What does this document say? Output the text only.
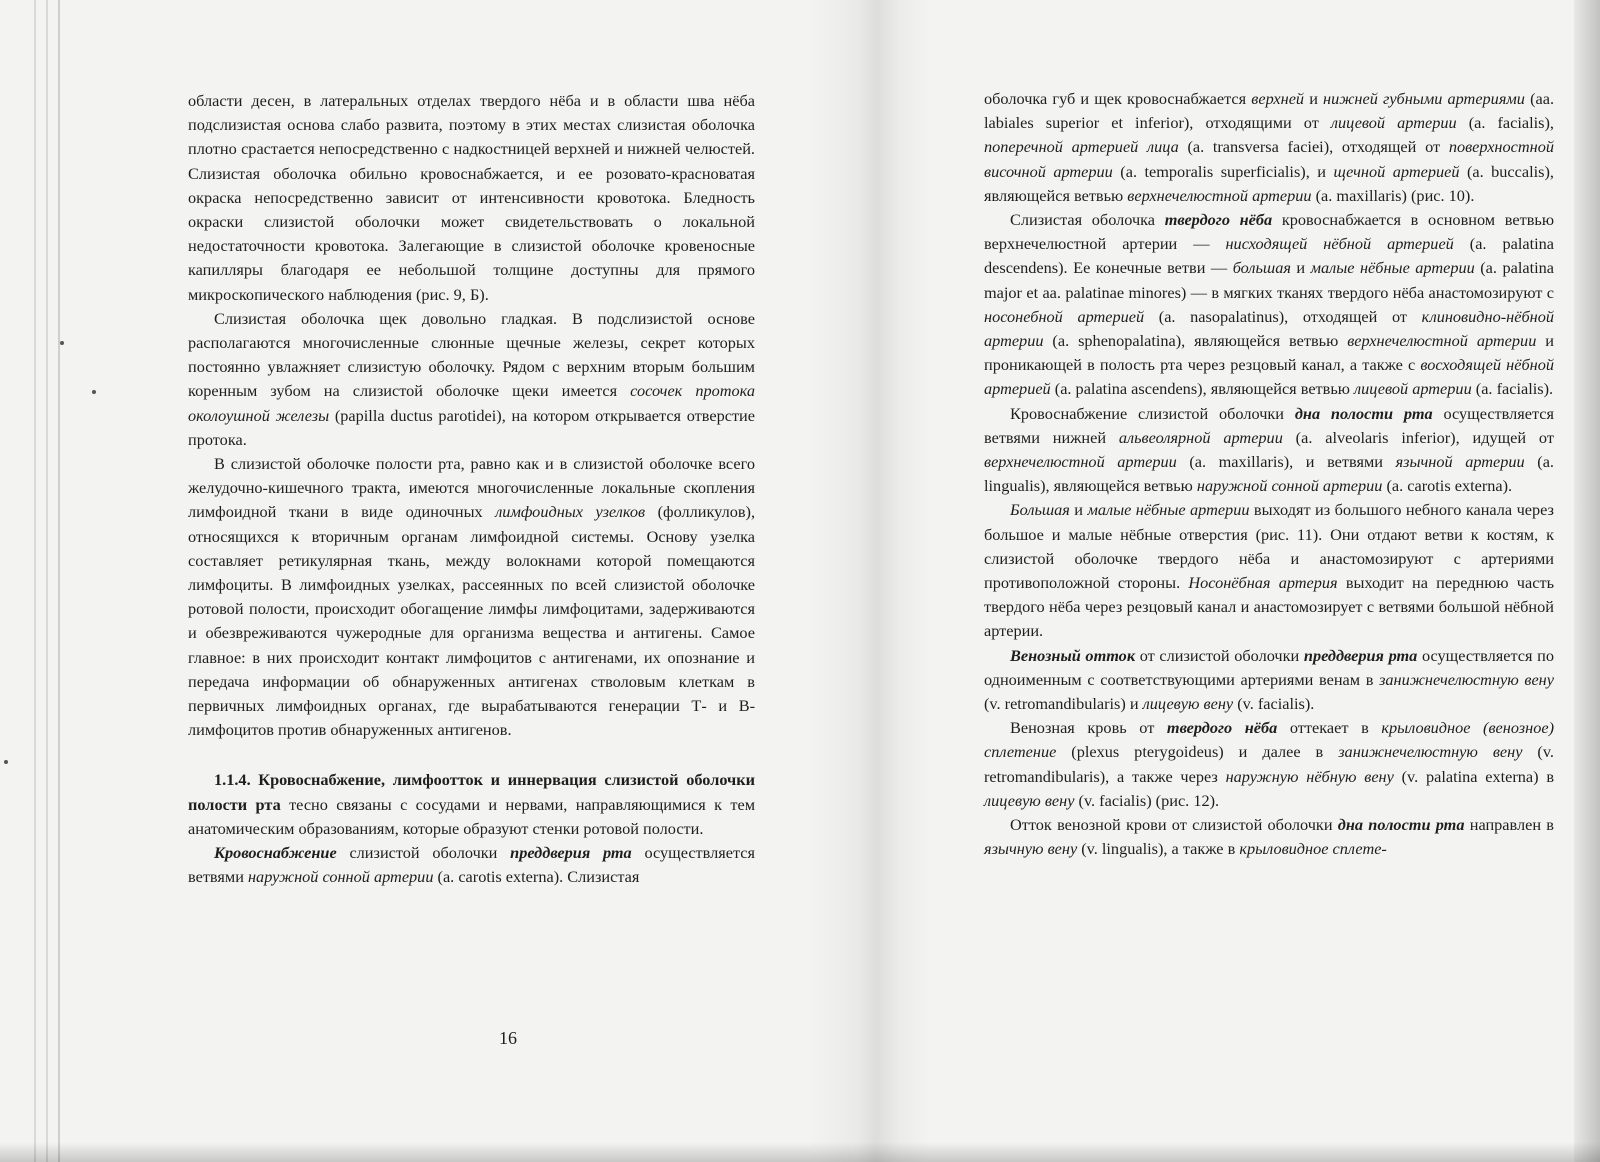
области десен, в латеральных отделах твердого нёба и в области шва нёба подслизистая основа слабо развита, поэтому в этих местах слизистая оболочка плотно срастается непосредственно с надкостницей верхней и нижней челюстей. Слизистая оболочка обильно кровоснабжается, и ее розовато-красноватая окраска непосредственно зависит от интенсивности кровотока. Бледность окраски слизистой оболочки может свидетельствовать о локальной недостаточности кровотока. Залегающие в слизистой оболочке кровеносные капилляры благодаря ее небольшой толщине доступны для прямого микроскопического наблюдения (рис. 9, Б).

Слизистая оболочка щек довольно гладкая. В подслизистой основе располагаются многочисленные слюнные щечные железы, секрет которых постоянно увлажняет слизистую оболочку. Рядом с верхним вторым большим коренным зубом на слизистой оболочке щеки имеется сосочек протока околоушной железы (papilla ductus parotidei), на котором открывается отверстие протока.

В слизистой оболочке полости рта, равно как и в слизистой оболочке всего желудочно-кишечного тракта, имеются многочисленные локальные скопления лимфоидной ткани в виде одиночных лимфоидных узелков (фолликулов), относящихся к вторичным органам лимфоидной системы. Основу узелка составляет ретикулярная ткань, между волокнами которой помещаются лимфоциты. В лимфоидных узелках, рассеянных по всей слизистой оболочке ротовой полости, происходит обогащение лимфы лимфоцитами, задерживаются и обезвреживаются чужеродные для организма вещества и антигены. Самое главное: в них происходит контакт лимфоцитов с антигенами, их опознание и передача информации об обнаруженных антигенах стволовым клеткам в первичных лимфоидных органах, где вырабатываются генерации Т- и В-лимфоцитов против обнаруженных антигенов.

1.1.4. Кровоснабжение, лимфоотток и иннервация слизистой оболочки полости рта тесно связаны с сосудами и нервами, направляющимися к тем анатомическим образованиям, которые образуют стенки ротовой полости.

Кровоснабжение слизистой оболочки преддверия рта осуществляется ветвями наружной сонной артерии (a. carotis externa). Слизистая

16

оболочка губ и щек кровоснабжается верхней и нижней губными артериями (aa. labiales superior et inferior), отходящими от лицевой артерии (a. facialis), поперечной артерией лица (a. transversa faciei), отходящей от поверхностной височной артерии (a. temporalis superficialis), и щечной артерией (a. buccalis), являющейся ветвью верхнечелюстной артерии (a. maxillaris) (рис. 10).

Слизистая оболочка твердого нёба кровоснабжается в основном ветвью верхнечелюстной артерии — нисходящей нёбной артерией (a. palatina descendens). Ее конечные ветви — большая и малые нёбные артерии (a. palatina major et aa. palatinae minores) — в мягких тканях твердого нёба анастомозируют с носонебной артерией (a. nasopalatinus), отходящей от клиновидно-нёбной артерии (a. sphenopalatina), являющейся ветвью верхнечелюстной артерии и проникающей в полость рта через резцовый канал, а также с восходящей нёбной артерией (a. palatina ascendens), являющейся ветвью лицевой артерии (a. facialis).

Кровоснабжение слизистой оболочки дна полости рта осуществляется ветвями нижней альвеолярной артерии (a. alveolaris inferior), идущей от верхнечелюстной артерии (a. maxillaris), и ветвями язычной артерии (a. lingualis), являющейся ветвью наружной сонной артерии (a. carotis externa).

Большая и малые нёбные артерии выходят из большого небного канала через большое и малые нёбные отверстия (рис. 11). Они отдают ветви к костям, к слизистой оболочке твердого нёба и анастомозируют с артериями противоположной стороны. Носонёбная артерия выходит на переднюю часть твердого нёба через резцовый канал и анастомозирует с ветвями большой нёбной артерии.

Венозный отток от слизистой оболочки преддверия рта осуществляется по одноименным с соответствующими артериями венам в занижнечелюстную вену (v. retromandibularis) и лицевую вену (v. facialis).

Венозная кровь от твердого нёба оттекает в крыловидное (венозное) сплетение (plexus pterygoideus) и далее в занижнечелюстную вену (v. retromandibularis), а также через наружную нёбную вену (v. palatina externa) в лицевую вену (v. facialis) (рис. 12).

Отток венозной крови от слизистой оболочки дна полости рта направлен в язычную вену (v. lingualis), а также в крыловидное сплете-
